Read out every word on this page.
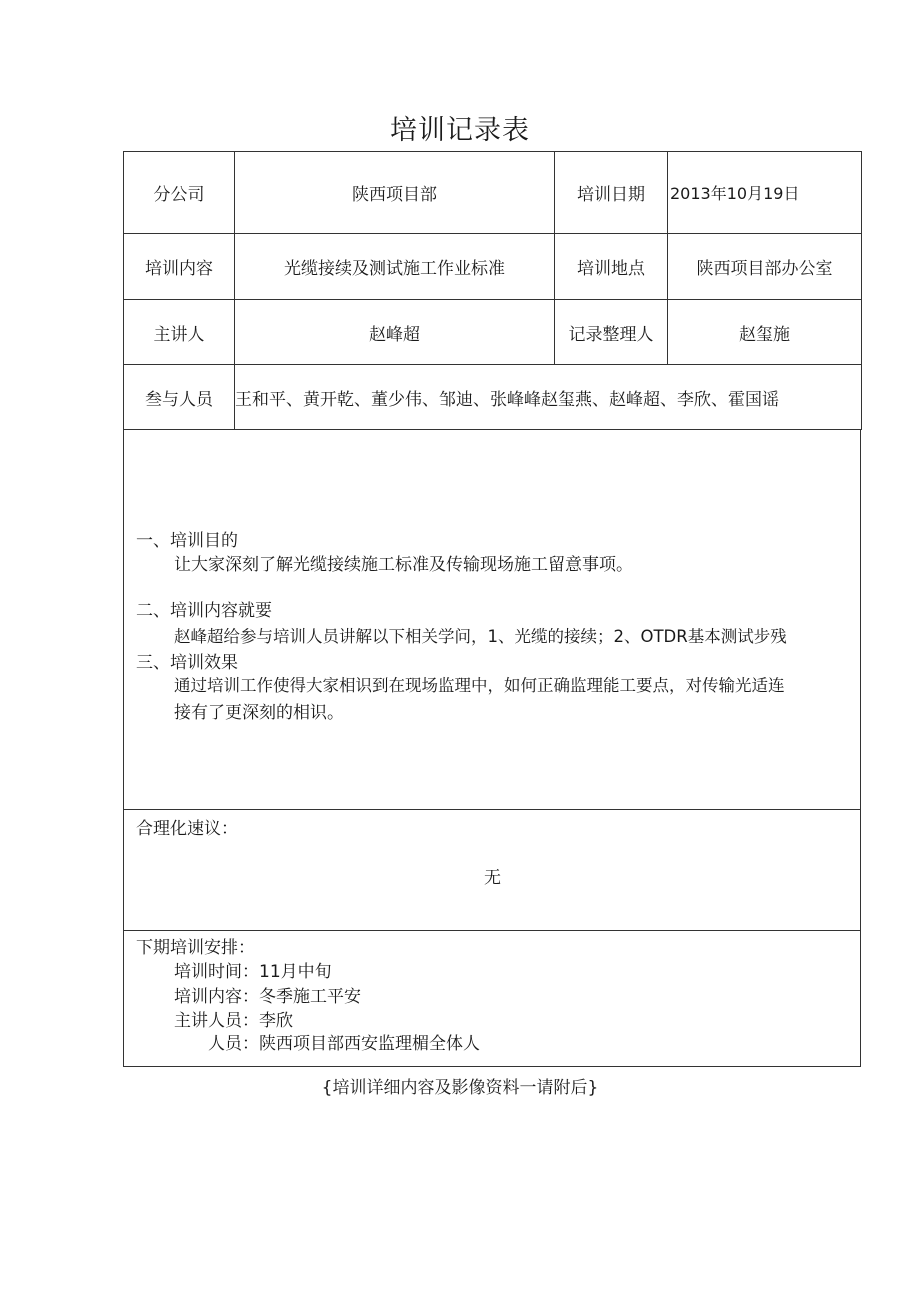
培训记录表
分公司	陕西项目部	培训日期	2013年10月19日
培训内容	光缆接续及测试施工作业标准	培训地点	陕西项目部办公室
主讲人	赵峰超	记录整理人	赵玺施
叁与人员	王和平、黄开乾、董少伟、邹迪、张峰峰赵玺燕、赵峰超、李欣、霍国谣		
一、培训目的
让大家深刻了解光缆接续施工标准及传输现场施工留意事项。
二、培训内容就要
赵峰超给参与培训人员讲解以下相关学问，1、光缆的接续；2、OTDR基本测试步残
三、培训效果
通过培训工作使得大家相识到在现场监理中，如何正确监理能工要点，对传输光适连
接有了更深刻的相识。
合理化速议：
无
下期培训安排：
培训时间：11月中旬
培训内容：冬季施工平安
主讲人员：李欣
人员：陕西项目部西安监理楣全体人
{培训详细内容及影像资料一请附后}
